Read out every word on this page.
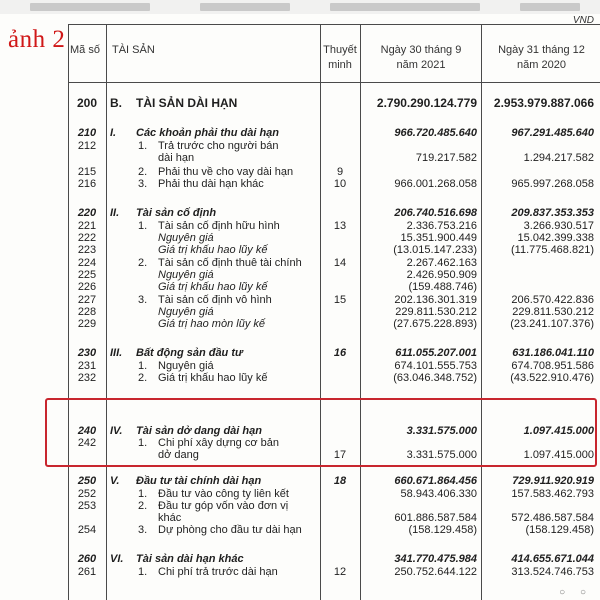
Mã số	TÀI SẢN	Thuyết
minh
Ngày 30 tháng 9
năm 2021
Ngày 31 tháng 12
năm 2020
200	B. TÀI SẢN DÀI HẠN	2.790.290.124.779 2.953.979.887.066
210	I. Các khoản phải thu dài hạn	966.720.485.640	967.291.485.640
212	1. Trả trước cho người bán
dài hạn	719.217.582	1.294.217.582
215	2. Phải thu về cho vay dài hạn	9
216	3. Phải thu dài hạn khác	10	966.001.268.058	965.997.268.058
220	II. Tài sản cố định	206.740.516.698	209.837.353.353
221	1. Tài sản cố định hữu hình	13	2.336.753.216	3.266.930.517
222	Nguyên giá	15.351.900.449	15.042.399.338
223	Giá trị khấu hao lũy kế	(13.015.147.233)	(11.775.468.821)
224	2. Tài sản cố định thuê tài chính	14	2.267.462.163
225	Nguyên giá	2.426.950.909
226	Giá trị khấu hao lũy kế	(159.488.746)
227	3. Tài sản cố định vô hình	15	202.136.301.319	206.570.422.836
228	Nguyên giá	229.811.530.212	229.811.530.212
229	Giá trị hao mòn lũy kế	(27.675.228.893)	(23.241.107.376)
230	III. Bất động sản đầu tư	16	611.055.207.001	631.186.041.110
231	1. Nguyên giá	674.101.555.753	674.708.951.586
232	2. Giá trị khấu hao lũy kế	(63.046.348.752)	(43.522.910.476)
240	IV. Tài sản dở dang dài hạn	3.331.575.000	1.097.415.000
242	1. Chi phí xây dựng cơ bản
dở dang	17	3.331.575.000	1.097.415.000
250	V. Đầu tư tài chính dài hạn	18	660.671.864.456	729.911.920.919
252	1. Đầu tư vào công ty liên kết	58.943.406.330	157.583.462.793
253	2. Đầu tư góp vốn vào đơn vị
khác	601.886.587.584	572.486.587.584
254	3. Dự phòng cho đầu tư dài hạn	(158.129.458)	(158.129.458)
260	VI. Tài sản dài hạn khác	341.770.475.984	414.655.671.044
261	1. Chi phí trả trước dài hạn	12	250.752.644.122	313.524.746.753
VND
ảnh 2
○ ○
